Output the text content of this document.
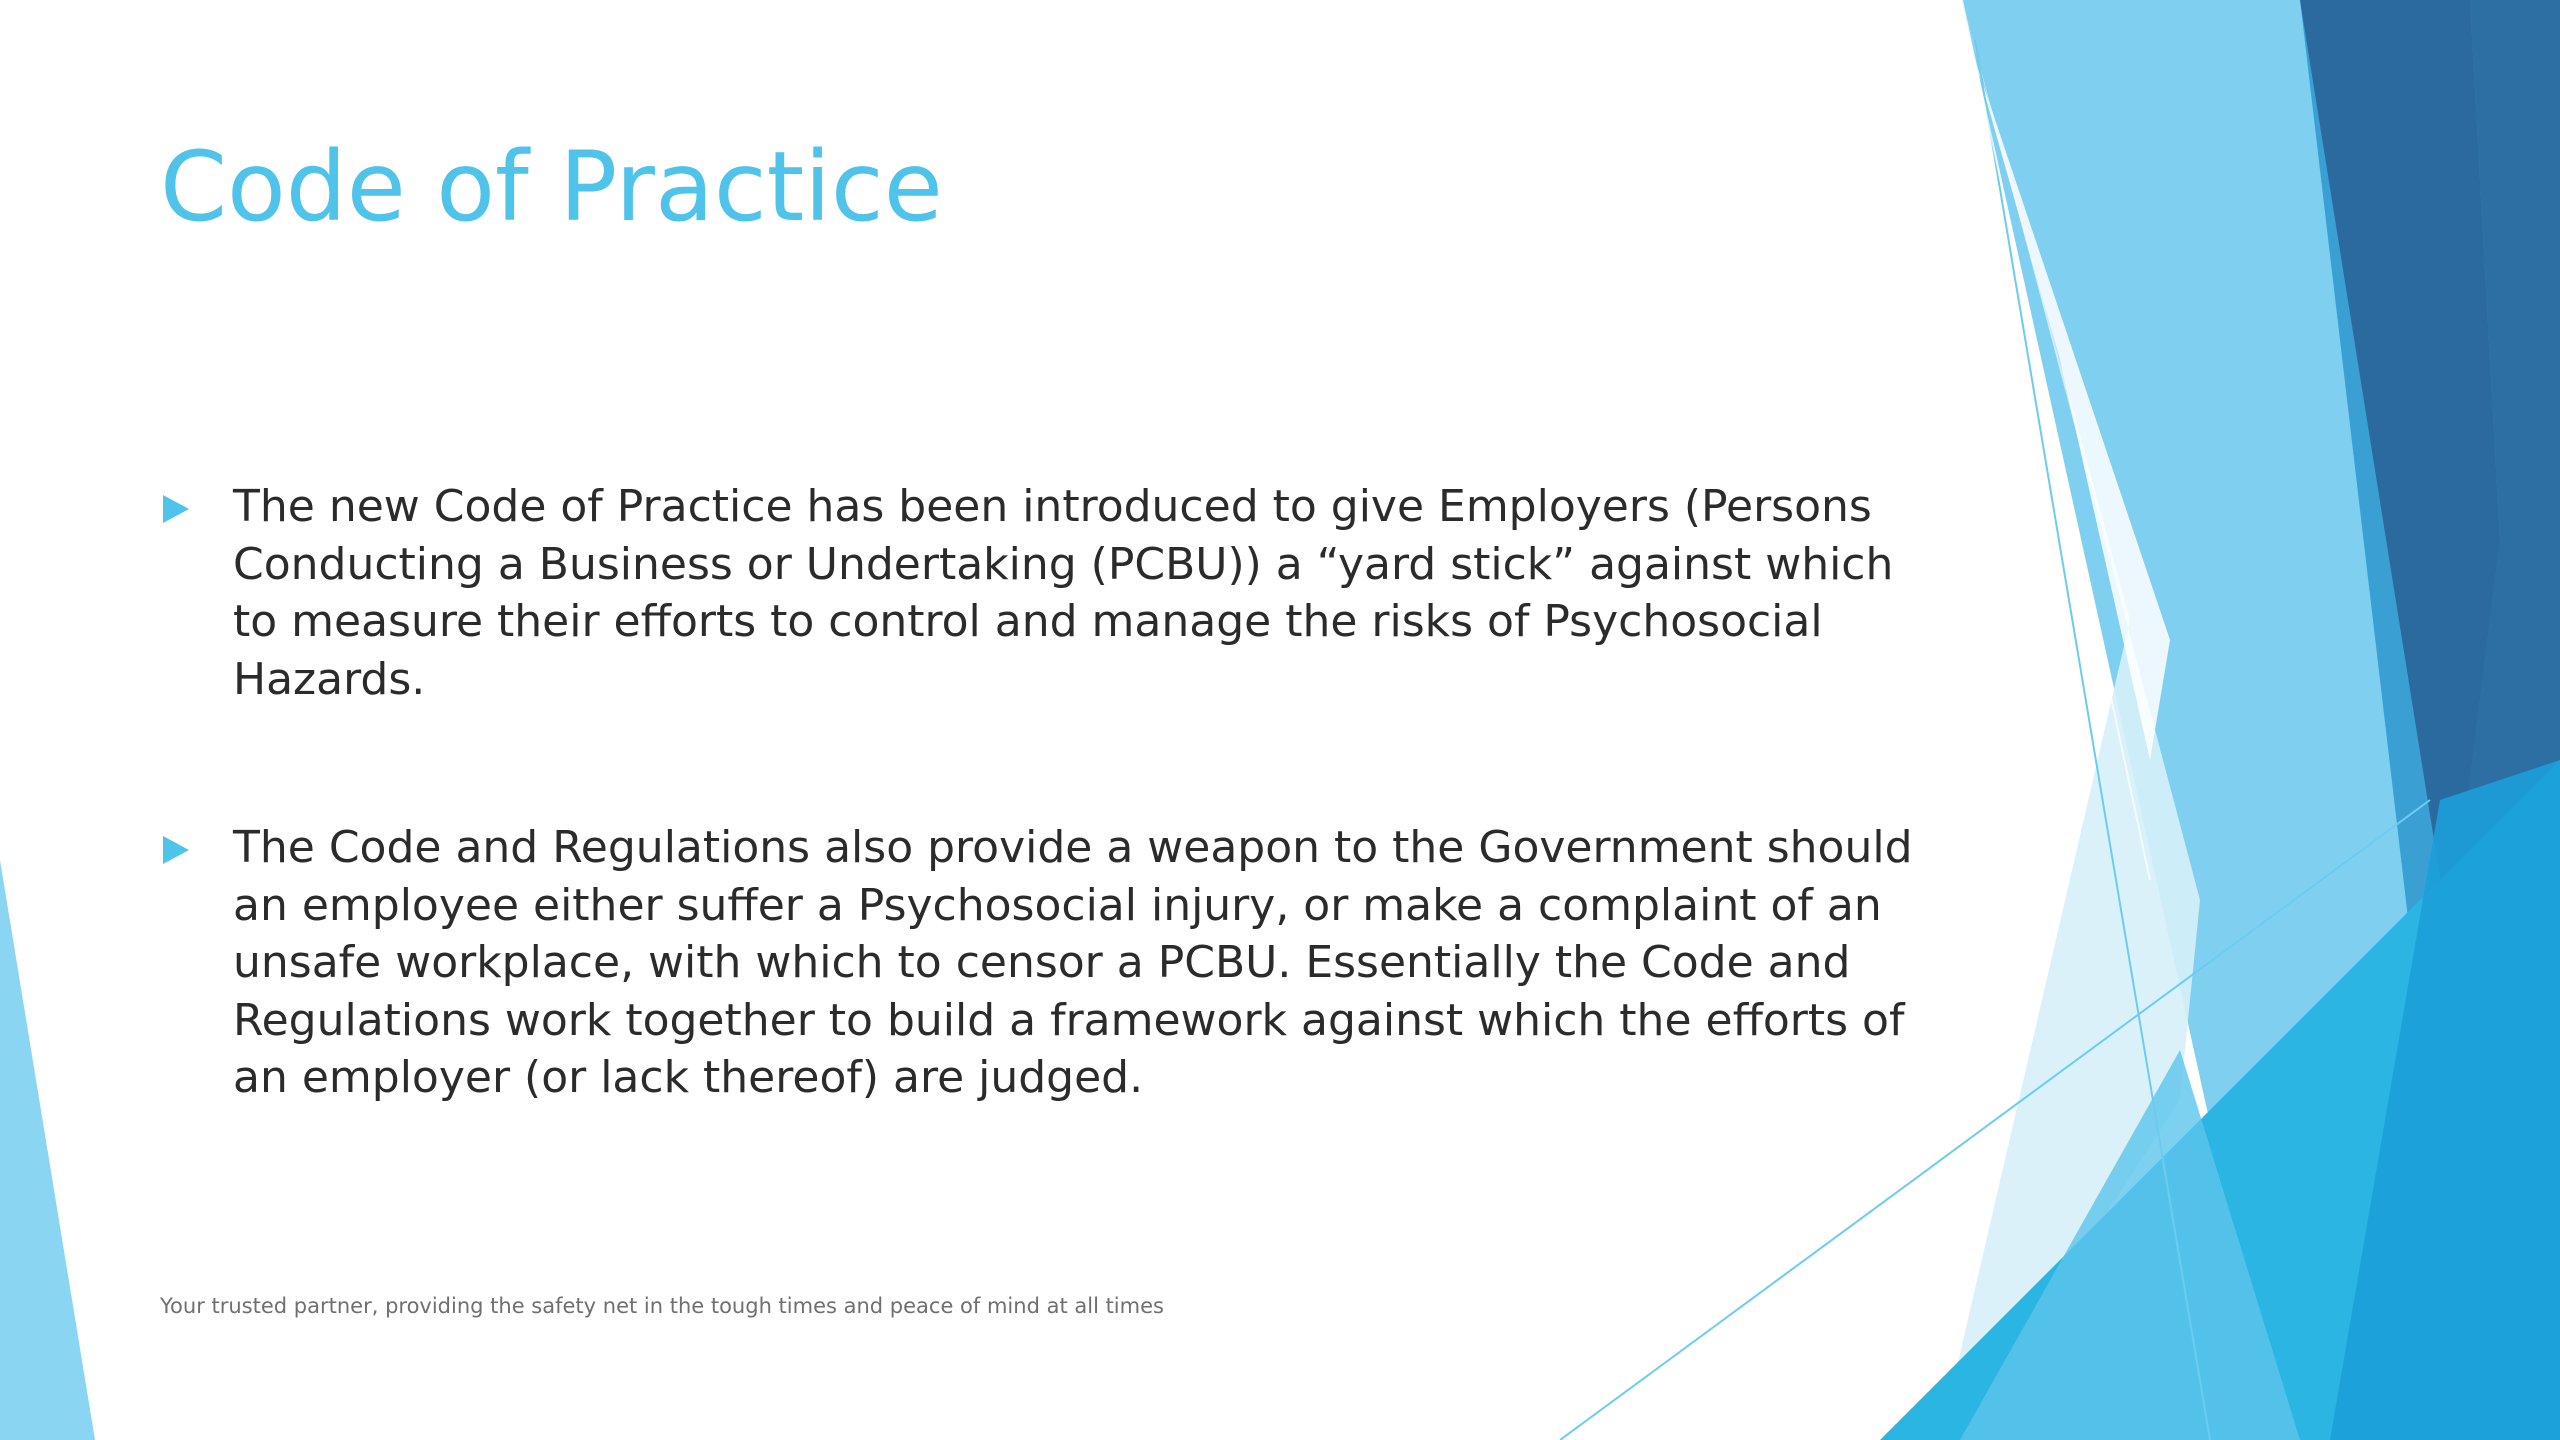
Code of Practice
The new Code of Practice has been introduced to give Employers (Persons Conducting a Business or Undertaking (PCBU)) a “yard stick” against which to measure their efforts to control and manage the risks of Psychosocial Hazards.
The Code and Regulations also provide a weapon to the Government should an employee either suffer a Psychosocial injury, or make a complaint of an unsafe workplace, with which to censor a PCBU. Essentially the Code and Regulations work together to build a framework against which the efforts of an employer (or lack thereof) are judged.

Your trusted partner, providing the safety net in the tough times and peace of mind at all times
